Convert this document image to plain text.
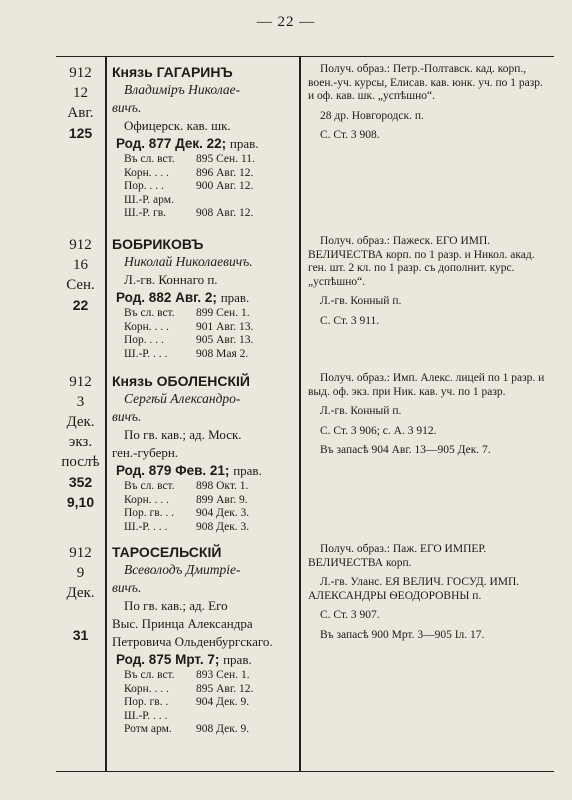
— 22 —
912
12
Авг.
125
Князь ГАГАРИНЪ
Владиміръ Николае-
вичъ.
Офицерск. кав. шк.
Род. 877 Дек. 22; прав.
Въ сл. вст.	895 Сен. 11.
Корн. . . .	896 Авг. 12.
Пор. . . .	900 Авг. 12.
Ш.-Р. арм.
Ш.-Р. гв.	908 Авг. 12.
Получ. образ.: Петр.-Полтавск. кад. корп., воен.-уч. курсы, Елисав. кав. юнк. уч. по 1 разр. и оф. кав. шк. „успѣшно“.
28 др. Новгородск. п.
С. Ст. 3 908.
912
16
Сен.
22
БОБРИКОВЪ
Николай Николаевичъ.
Л.-гв. Коннаго п.
Род. 882 Авг. 2; прав.
Въ сл. вст.	899 Сен. 1.
Корн. . . .	901 Авг. 13.
Пор. . . .	905 Авг. 13.
Ш.-Р. . . .	908 Мая 2.
Получ. образ.: Пажеск. ЕГО ИМП. ВЕЛИЧЕСТВА корп. по 1 разр. и Никол. акад. ген. шт. 2 кл. по 1 разр. съ дополнит. курс. „успѣшно“.
Л.-гв. Конный п.
С. Ст. 3 911.
912
3
Дек.
экз.
послѣ
352
9,10
Князь ОБОЛЕНСКІЙ
Сергѣй Александро-
вичъ.
По гв. кав.; ад. Моск.
ген.-губерн.
Род. 879 Фев. 21; прав.
Въ сл. вст.	898 Окт. 1.
Корн. . . .	899 Авг. 9.
Пор. гв. . .	904 Дек. 3.
Ш.-Р. . . .	908 Дек. 3.
Получ. образ.: Имп. Алекс. лицей по 1 разр. и выд. оф. экз. при Ник. кав. уч. по 1 разр.
Л.-гв. Конный п.
С. Ст. 3 906; с. А. 3 912.
Въ запасѣ 904 Авг. 13—905 Дек. 7.
912
9
Дек.
31
ТАРОСЕЛЬСКІЙ
Всеволодъ Дмитріе-
вичъ.
По гв. кав.; ад. Его
Выс. Принца Александра Петровича Ольденбургскаго.
Род. 875 Мрт. 7; прав.
Въ сл. вст.	893 Сен. 1.
Корн. . . .	895 Авг. 12.
Пор. гв. .	904 Дек. 9.
Ш.-Р. . . .
Ротм арм.	908 Дек. 9.
Получ. образ.: Паж. ЕГО ИМПЕР. ВЕЛИЧЕСТВА корп.
Л.-гв. Уланс. ЕЯ ВЕЛИЧ. ГОСУД. ИМП. АЛЕКСАНДРЫ ѲЕОДОРОВНЫ п.
С. Ст. 3 907.
Въ запасѣ 900 Мрт. 3—905 Іл. 17.
